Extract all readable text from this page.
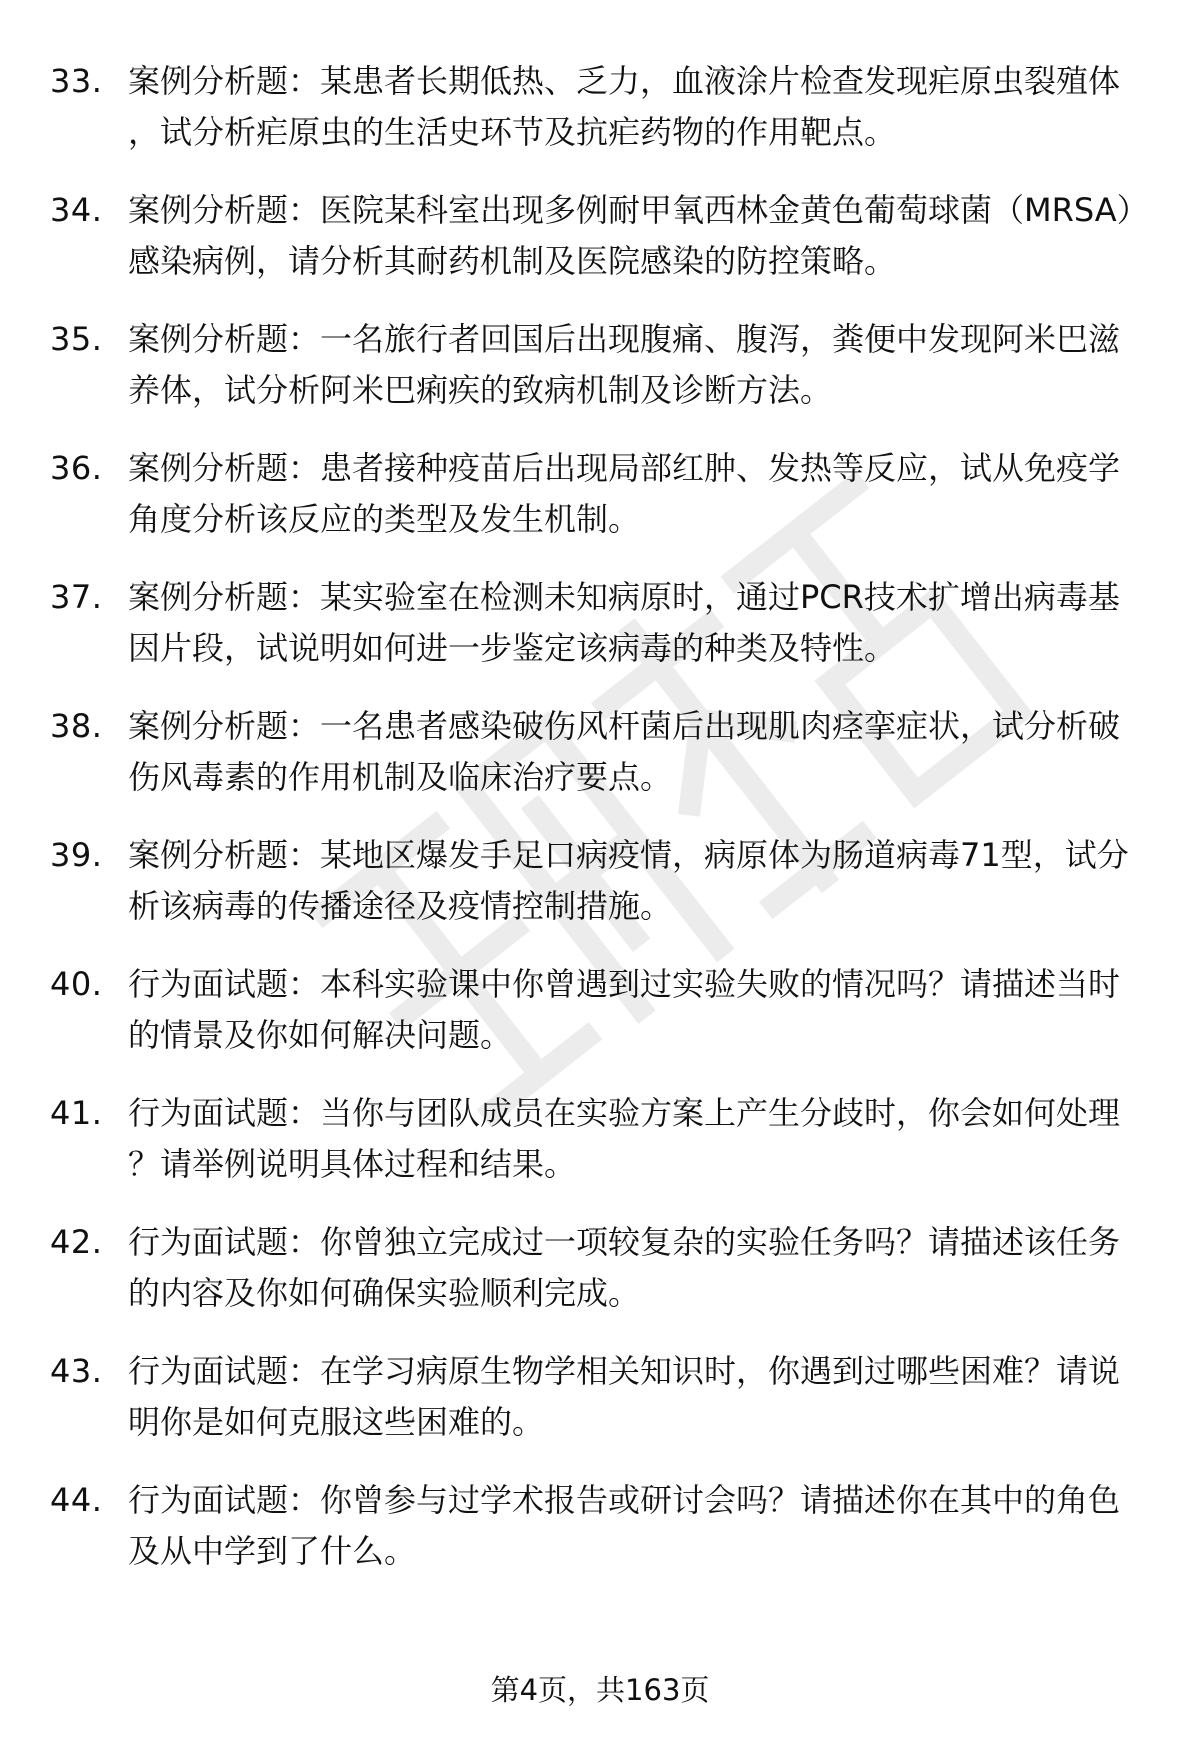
33. 案例分析题：某患者长期低热、乏力，血液涂片检查发现疟原虫裂殖体，试分析疟原虫的生活史环节及抗疟药物的作用靶点。
34. 案例分析题：医院某科室出现多例耐甲氧西林金黄色葡萄球菌（MRSA）感染病例，请分析其耐药机制及医院感染的防控策略。
35. 案例分析题：一名旅行者回国后出现腹痛、腹泻，粪便中发现阿米巴滋养体，试分析阿米巴痢疾的致病机制及诊断方法。
36. 案例分析题：患者接种疫苗后出现局部红肿、发热等反应，试从免疫学角度分析该反应的类型及发生机制。
37. 案例分析题：某实验室在检测未知病原时，通过PCR技术扩增出病毒基因片段，试说明如何进一步鉴定该病毒的种类及特性。
38. 案例分析题：一名患者感染破伤风杆菌后出现肌肉痉挛症状，试分析破伤风毒素的作用机制及临床治疗要点。
39. 案例分析题：某地区爆发手足口病疫情，病原体为肠道病毒71型，试分析该病毒的传播途径及疫情控制措施。
40. 行为面试题：本科实验课中你曾遇到过实验失败的情况吗？请描述当时的情景及你如何解决问题。
41. 行为面试题：当你与团队成员在实验方案上产生分歧时，你会如何处理？请举例说明具体过程和结果。
42. 行为面试题：你曾独立完成过一项较复杂的实验任务吗？请描述该任务的内容及你如何确保实验顺利完成。
43. 行为面试题：在学习病原生物学相关知识时，你遇到过哪些困难？请说明你是如何克服这些困难的。
44. 行为面试题：你曾参与过学术报告或研讨会吗？请描述你在其中的角色及从中学到了什么。
第4页，共163页
